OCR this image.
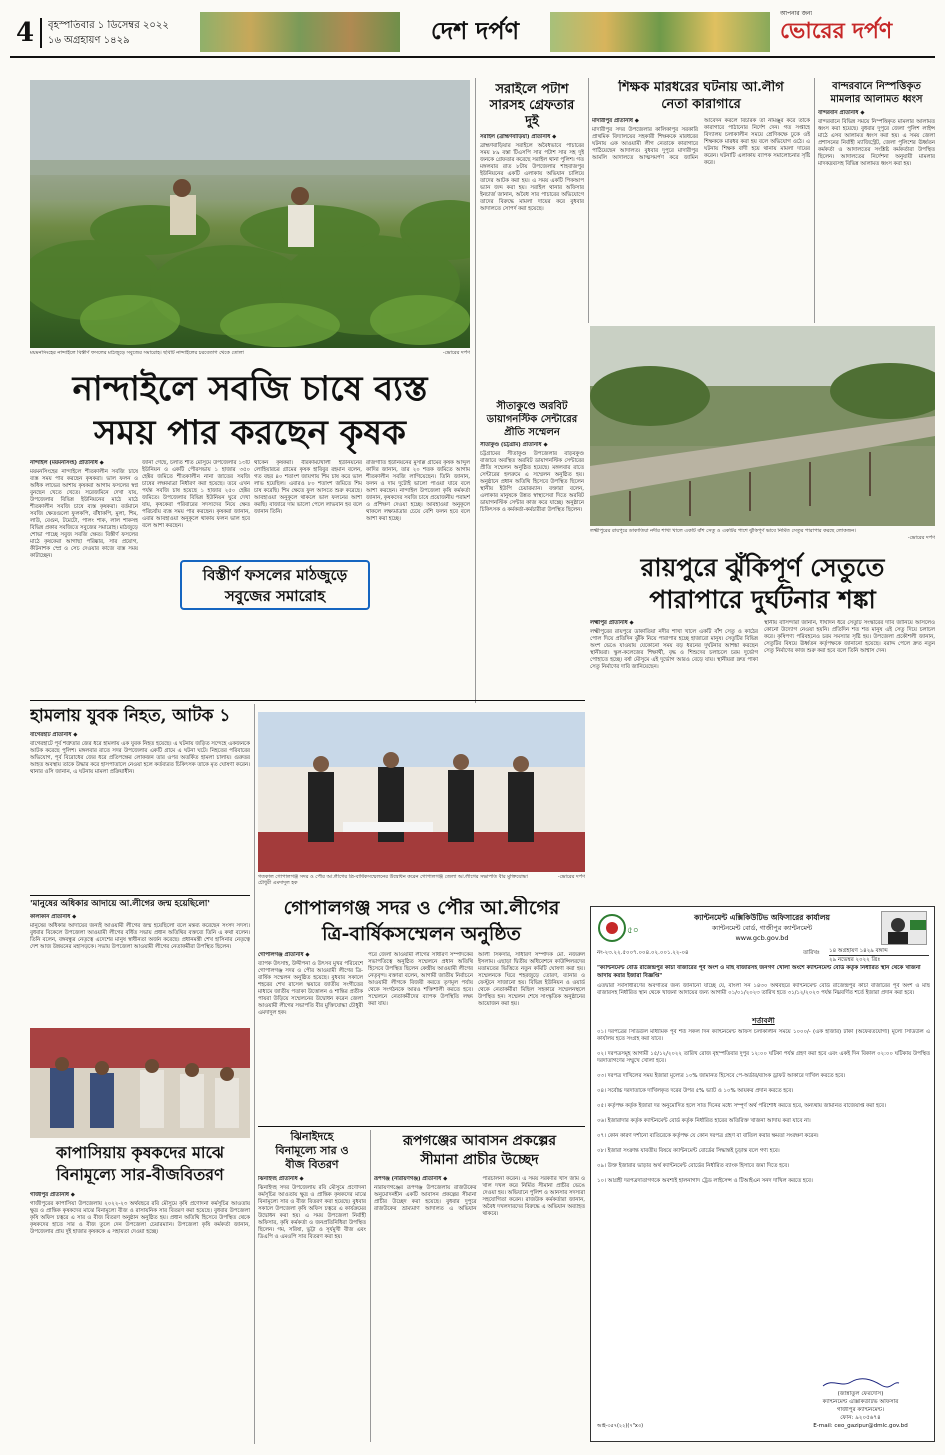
4 বৃহস্পতিবার ১ ডিসেম্বর ২০২২
১৬ অগ্রহায়ণ ১৪২৯	দেশ দর্পণ
আপনার জন্য
ভোরের দর্পণ
ময়মনসিংহের নান্দাইলে বিস্তীর্ণ ফসলের মাঠজুড়ে সবুজের সমারোহ। ছবিটি নান্দাইলের চরবেতাগ থেকে তোলা	-ভোরের দর্পণ
নান্দাইলে সবজি চাষে ব্যস্ত
সময় পার করছেন কৃষক

নান্দাইল (ময়মনসিংহ) প্রতিনিধি ◆

ময়মনসিংহের নান্দাইলে শীতকালীন সবজি চাষে ব্যস্ত সময় পার করছেন কৃষকরা। ভাল ফলন ও অধিক লাভের আশায় কৃষকরা আগাম ফসলের স্বপ্ন বুনছেন খেতে খেতে। সরেজমিনে দেখা যায়, উপজেলার বিভিন্ন ইউনিয়নের মাঠে মাঠে শীতকালীন সবজি চাষে ব্যস্ত কৃষকরা। বর্তমানে সবজি ক্ষেতগুলো ফুলকপি, বাঁধাকপি, মুলা, শিম, লাউ, বেগুন, টমেটো, পালং শাক, লাল শাকসহ বিভিন্ন প্রকার সবজিতে সবুজের সমারোহ। মাঠজুড়ে শোভা পাচ্ছে সবুজ সবজি ক্ষেত। বিস্তীর্ণ ফসলের মাঠে কৃষকেরা আগাছা পরিষ্কার, সার প্রয়োগ, কীটনাশক স্প্রে ও সেচ দেওয়ার কাজে ব্যস্ত সময় কাটাচ্ছেন।

জানা গেছে, চলতি শীত মৌসুমে উপজেলার ১৩টি ইউনিয়ন ও একটি পৌরসভায় ১ হাজার ৩৫০ হেক্টর জমিতে শীতকালীন নানা জাতের সবজি চাষের লক্ষ্যমাত্রা নির্ধারণ করা হয়েছে। তবে এখন পর্যন্ত সবজি চাষ হয়েছে ১ হাজার ২৫০ হেক্টর জমিতে। উপজেলার বিভিন্ন ইউনিয়ন ঘুরে দেখা যায়, কৃষকেরা পরিবারের সদস্যদের নিয়ে ক্ষেত পরিচর্যায় ব্যস্ত সময় পার করছেন। কৃষকরা জানান, এবার আবহাওয়া অনুকূলে থাকায় ফলন ভাল হবে বলে আশা করছেন।

থাকেন কৃষকরা। বীরকামটখালী ইউনিয়নের লোহিয়ারচর গ্রামের কৃষক হাবিবুর রহমান বলেন, গত বছর ৪০ শতাংশ জায়গায় শিম চাষ করে ভাল লাভ হয়েছিল। এবারও ৮০ শতাংশ জমিতে শিম চাষ করেছি। শিম ক্ষেতে ফুল আসতে শুরু করেছে। আবহাওয়া অনুকূলে থাকলে ভাল ফলনের আশা করছি। বাজারে দাম ভালো পেলে লাভবান হব বলে জানান তিনি।

রাজগাতি ইউনিয়নের মুসল্লি গ্রামের কৃষক আব্দুল কাদির জানান, তার ২০ শতক জমিতে আগাম শীতকালীন সবজি লাগিয়েছেন। তিনি জানান, ফলন ও দাম দুটোই ভালো পাওয়া যাবে বলে আশা করছেন। নান্দাইল উপজেলা কৃষি কর্মকর্তা জানান, কৃষকদের সবজি চাষে প্রয়োজনীয় পরামর্শ ও প্রশিক্ষণ দেওয়া হচ্ছে। আবহাওয়া অনুকূলে থাকলে লক্ষ্যমাত্রার চেয়ে বেশি ফলন হবে বলে আশা করা হচ্ছে।

বিস্তীর্ণ ফসলের মাঠজুড়ে
সবুজের সমারোহ
সরাইলে পটাশ
সারসহ গ্রেফতার
দুই

সরাইল (ব্রাহ্মণবাড়িয়া) প্রতিনিধি ◆

ব্রাহ্মণবাড়িয়ার সরাইলে অবৈধভাবে পাচারের সময় ৮৯ বস্তা টিএসপি সার পটাশ সার সহ দুই জনকে গ্রেফতার করেছে সরাইল থানা পুলিশ। গত মঙ্গলবার রাত ৮টায় উপজেলার শাহবাজপুর ইউনিয়নের একটি এলাকায় অভিযান চালিয়ে তাদের আটক করা হয়। এ সময় একটি পিকআপ ভ্যান জব্দ করা হয়। সরাইল থানার অফিসার ইনচার্জ জানান, অবৈধ সার পাচারের অভিযোগে তাদের বিরুদ্ধে মামলা দায়ের করে বুধবার আদালতে সোপর্দ করা হয়েছে।

সীতাকুণ্ডে অরবিট
ডায়াগনস্টিক সেন্টারের
প্রীতি সম্মেলন

সীতাকুণ্ড (চট্টগ্রাম) প্রতিনিধি ◆

চট্টগ্রামের সীতাকুণ্ড উপজেলার বাড়বকুণ্ড বাজারে অবস্থিত অরবিট ডায়াগনস্টিক সেন্টারের প্রীতি সম্মেলন অনুষ্ঠিত হয়েছে। মঙ্গলবার রাতে সেন্টারের হলরুমে এ সম্মেলন অনুষ্ঠিত হয়। অনুষ্ঠানে প্রধান অতিথি হিসেবে উপস্থিত ছিলেন স্থানীয় ইউপি চেয়ারম্যান। বক্তারা বলেন, এলাকার মানুষকে উন্নত স্বাস্থ্যসেবা দিতে অরবিট ডায়াগনস্টিক সেন্টার কাজ করে যাচ্ছে। অনুষ্ঠানে চিকিৎসক ও কর্মকর্তা-কর্মচারীরা উপস্থিত ছিলেন।

শিক্ষক মারধরের ঘটনায় আ.লীগ
নেতা কারাগারে

মাদারীপুর প্রতিনিধি ◆

মাদারীপুর সদর উপজেলার কালিকাপুর সরকারি প্রাথমিক বিদ্যালয়ের সহকারী শিক্ষককে মারধরের ঘটনায় এক আওয়ামী লীগ নেতাকে কারাগারে পাঠিয়েছেন আদালত। বুধবার দুপুরে মাদারীপুর আমলি আদালতে আত্মসমর্পণ করে জামিন আবেদন করলে বিচারক তা নামঞ্জুর করে তাকে কারাগারে পাঠানোর নির্দেশ দেন। গত সপ্তাহে বিদ্যালয় চলাকালীন সময়ে শ্রেণিকক্ষে ঢুকে ওই শিক্ষককে মারধর করা হয় বলে অভিযোগ ওঠে। এ ঘটনায় শিক্ষক বাদী হয়ে থানায় মামলা দায়ের করেন। ঘটনাটি এলাকায় ব্যাপক সমালোচনার সৃষ্টি করে।

বান্দরবানে নিস্পত্তিকৃত
মামলার আলামত ধ্বংস

বান্দরবান প্রতিনিধি ◆

বান্দরবানে বিভিন্ন সময়ে নিস্পত্তিকৃত মামলার আলামত ধ্বংস করা হয়েছে। বুধবার দুপুরে জেলা পুলিশ লাইন্স মাঠে এসব আলামত ধ্বংস করা হয়। এ সময় জেলা প্রশাসনের নির্বাহী ম্যাজিস্ট্রেট, জেলা পুলিশের ঊর্ধ্বতন কর্মকর্তা ও আদালতের সংশ্লিষ্ট কর্মকর্তারা উপস্থিত ছিলেন। আদালতের নির্দেশনা অনুযায়ী মামলার মাদকদ্রব্যসহ বিভিন্ন আলামত ধ্বংস করা হয়।

লক্ষ্মীপুরের রায়পুরে ডাকাতিয়া নদীর শাখা খালে একটি বাঁশ সেতু ও একটির পাশে ঝুঁকিপূর্ণ ভাবে নির্মিত সেতুর পারাপার করছে লোকজন।
-ভোরের দর্পণ
রায়পুরে ঝুঁকিপূর্ণ সেতুতে
পারাপারে দুর্ঘটনার শঙ্কা

লক্ষ্মীপুর প্রতিনিধি ◆

লক্ষ্মীপুরের রায়পুরে ডাকাতিয়া নদীর শাখা খালে একটি বাঁশ সেতু ও কাঠের পোল দিয়ে প্রতিদিন ঝুঁকি নিয়ে পারাপার হচ্ছে হাজারো মানুষ। সেতুটির বিভিন্ন অংশ ভেঙে যাওয়ায় যেকোনো সময় বড় ধরনের দুর্ঘটনার আশঙ্কা করছেন স্থানীয়রা। স্কুল-কলেজের শিক্ষার্থী, বৃদ্ধ ও শিশুদের চলাচলে চরম দুর্ভোগ পোহাতে হচ্ছে। বর্ষা মৌসুমে এই দুর্ভোগ আরও বেড়ে যায়। স্থানীয়রা দ্রুত পাকা সেতু নির্মাণের দাবি জানিয়েছেন।

স্থানীয় বাসিন্দারা জানান, দীর্ঘদিন ধরে সেতুটি সংস্কারের দাবি জানিয়ে আসলেও কোনো উদ্যোগ নেওয়া হয়নি। প্রতিদিন শত শত মানুষ এই সেতু দিয়ে চলাচল করে। কৃষিপণ্য পরিবহনেও চরম সমস্যার সৃষ্টি হয়। উপজেলা প্রকৌশলী জানান, সেতুটির বিষয়ে ঊর্ধ্বতন কর্তৃপক্ষকে জানানো হয়েছে। বরাদ্দ পেলে দ্রুত নতুন সেতু নির্মাণের কাজ শুরু করা হবে বলে তিনি আশ্বাস দেন।

হামলায় যুবক নিহত, আটক ১

বাগেরহাট প্রতিনিধি ◆

বাগেরহাটে পূর্ব শত্রুতার জের ধরে হামলায় এক যুবক নিহত হয়েছে। এ ঘটনায় জড়িত সন্দেহে একজনকে আটক করেছে পুলিশ। মঙ্গলবার রাতে সদর উপজেলার একটি গ্রামে এ ঘটনা ঘটে। নিহতের পরিবারের অভিযোগ, পূর্ব বিরোধের জের ধরে প্রতিপক্ষের লোকজন তার ওপর অতর্কিত হামলা চালায়। গুরুতর আহত অবস্থায় তাকে উদ্ধার করে হাসপাতালে নেওয়া হলে কর্তব্যরত চিকিৎসক তাকে মৃত ঘোষণা করেন। থানার ওসি জানান, এ ঘটনায় মামলা প্রক্রিয়াধীন।

'মানুষের অধিকার আদায়ে আ.লীগের জন্ম হয়েছিলো'

কালকিনি প্রতিনিধি ◆

মানুষের অধিকার আদায়ের জন্যই আওয়ামী লীগের জন্ম হয়েছিলো বলে মন্তব্য করেছেন সংসদ সদস্য। বুধবার বিকেলে উপজেলা আওয়ামী লীগের বর্ধিত সভায় প্রধান অতিথির বক্তব্যে তিনি এ কথা বলেন। তিনি বলেন, বঙ্গবন্ধুর নেতৃত্বে এদেশের মানুষ স্বাধীনতা অর্জন করেছে। প্রধানমন্ত্রী শেখ হাসিনার নেতৃত্বে দেশ আজ উন্নয়নের মহাসড়কে। সভায় উপজেলা আওয়ামী লীগের নেতাকর্মীরা উপস্থিত ছিলেন।

কাপাসিয়ায় কৃষকদের মাঝে
বিনামূল্যে সার-বীজবিতরণ

গাজীপুর প্রতিনিধি ◆

গাজীপুরের কাপাসিয়া উপজেলায় ২০২২-২৩ অর্থবছরে রবি মৌসুমে কৃষি প্রণোদনা কর্মসূচির আওতায় ক্ষুদ্র ও প্রান্তিক কৃষকদের মাঝে বিনামূল্যে বীজ ও রাসায়নিক সার বিতরণ করা হয়েছে। বুধবার উপজেলা কৃষি অফিস চত্বরে এ সার ও বীজ বিতরণ অনুষ্ঠান অনুষ্ঠিত হয়। প্রধান অতিথি হিসেবে উপস্থিত থেকে কৃষকদের হাতে সার ও বীজ তুলে দেন উপজেলা চেয়ারম্যান। উপজেলা কৃষি কর্মকর্তা জানান, উপজেলার প্রায় দুই হাজার কৃষককে এ সহায়তা দেওয়া হচ্ছে।

গতকাল গোপালগঞ্জ সদর ও পৌর আ.লীগের ত্রি-বার্ষিকসম্মেলনের উদ্বোধন করেন গোপালগঞ্জ জেলা আ.লীগের সভাপতি বীর মুক্তিযোদ্ধা চৌধুরী এমদাদুল হক
-ভোরের দর্পণ
গোপালগঞ্জ সদর ও পৌর আ.লীগের
ত্রি-বার্ষিকসম্মেলন অনুষ্ঠিত

গোপালগঞ্জ প্রতিনিধি ◆

ব্যাপক উৎসাহ, উদ্দীপনা ও উৎসব মুখর পরিবেশে গোপালগঞ্জ সদর ও পৌর আওয়ামী লীগের ত্রি-বার্ষিক সম্মেলন অনুষ্ঠিত হয়েছে। বুধবার সকালে শহরের শেখ রাসেল স্কয়ারে জাতীয় সংগীতের মাধ্যমে জাতীয় পতাকা উত্তোলন ও শান্তির প্রতীক পায়রা উড়িয়ে সম্মেলনের উদ্বোধন করেন জেলা আওয়ামী লীগের সভাপতি বীর মুক্তিযোদ্ধা চৌধুরী এমদাদুল হক।

পরে জেলা আওয়ামী লীগের সাধারণ সম্পাদকের সভাপতিত্বে অনুষ্ঠিত সম্মেলনে প্রধান অতিথি হিসেবে উপস্থিত ছিলেন কেন্দ্রীয় আওয়ামী লীগের নেতৃবৃন্দ। বক্তারা বলেন, আগামী জাতীয় নির্বাচনে আওয়ামী লীগকে বিজয়ী করতে তৃণমূল পর্যায় থেকে সংগঠনকে আরও শক্তিশালী করতে হবে। সম্মেলনে নেতাকর্মীদের ব্যাপক উপস্থিতি লক্ষ্য করা যায়।

আলী সিকদার, সাধারণ সম্পাদক মো. নজরুল ইসলাম। এছাড়া দ্বিতীয় অধিবেশনে কাউন্সিলরদের মতামতের ভিত্তিতে নতুন কমিটি ঘোষণা করা হয়। সম্মেলনকে ঘিরে শহরজুড়ে তোরণ, ব্যানার ও ফেস্টুনে সাজানো হয়। বিভিন্ন ইউনিয়ন ও ওয়ার্ড থেকে নেতাকর্মীরা মিছিল সহকারে সম্মেলনস্থলে উপস্থিত হন। সম্মেলন শেষে সাংস্কৃতিক অনুষ্ঠানের আয়োজন করা হয়।

ঝিনাইদহে
বিনামূল্যে সার ও
বীজ বিতরণ

ঝিনাইদহ প্রতিনিধি ◆

ঝিনাইদহ সদর উপজেলায় রবি মৌসুমে প্রণোদনা কর্মসূচির আওতায় ক্ষুদ্র ও প্রান্তিক কৃষকদের মাঝে বিনামূল্যে সার ও বীজ বিতরণ করা হয়েছে। বুধবার সকালে উপজেলা কৃষি অফিস চত্বরে এ কার্যক্রমের উদ্বোধন করা হয়। এ সময় উপজেলা নির্বাহী অফিসার, কৃষি কর্মকর্তা ও জনপ্রতিনিধিরা উপস্থিত ছিলেন। গম, সরিষা, ভুট্টা ও সূর্যমুখী বীজ এবং ডিএপি ও এমওপি সার বিতরণ করা হয়।

রূপগঞ্জের আবাসন প্রকল্পের
সীমানা প্রাচীর উচ্ছেদ

রূপগঞ্জ (নারায়ণগঞ্জ) প্রতিনিধি ◆

নারায়ণগঞ্জের রূপগঞ্জ উপজেলায় রাজউকের অনুমোদনহীন একটি আবাসন প্রকল্পের সীমানা প্রাচীর উচ্ছেদ করা হয়েছে। বুধবার দুপুরে রাজউকের ভ্রাম্যমাণ আদালত এ অভিযান পরিচালনা করেন। এ সময় সরকারি খাস জমি ও খাল দখল করে নির্মিত সীমানা প্রাচীর ভেঙে দেওয়া হয়। অভিযানে পুলিশ ও আনসার সদস্যরা সহযোগিতা করেন। রাজউক কর্মকর্তারা জানান, অবৈধ দখলদারদের বিরুদ্ধে এ অভিযান অব্যাহত থাকবে।

৫০
ক্যান্টনমেন্ট এক্সিকিউটিভ অফিসারের কার্যালয়
ক্যান্টনমেন্ট বোর্ড, গাজীপুর ক্যান্টনমেন্ট
www.gcb.gov.bd
নং-২৩.২২.৫০০৭.০০৪.০২.০০১.২২-০৪	তারিখঃ	১৪ অগ্রহায়ণ ১৪২৯ বঙ্গাব্দ
২৯ নভেম্বর ২০২২ খ্রিঃ
"ক্যান্টনমেন্ট বোর্ড রাজেন্দ্রপুর কাঁচা বাজারের পূর্ব অংশ ও মাছ বাজারসহ জনগণ খোলা অংশে ক্যান্টনমেন্ট বোর্ড কর্তৃক নির্ধারিত স্থান থেকে খাজনা আদায় করার ইজারা বিজ্ঞপ্তি"
এতদ্বারা সর্বসাধারণের অবগতির জন্য জানানো যাচ্ছে যে, বাংলা সন ১৪৩০ অর্থবছরে ক্যান্টনমেন্ট বোর্ড রাজেন্দ্রপুর কাঁচা বাজারের পূর্ব অংশ ও মাছ বাজারসহ নির্ধারিত স্থান থেকে খাজনা আদায়ের জন্য আগামী ০১/০১/২০২৩ তারিখ হতে ৩১/১২/২০২৩ পর্যন্ত নিম্নবর্ণিত শর্তে ইজারা প্রদান করা হবে।
শর্তাবলী
০১। দরপত্রের সিডিউল মাধ্যমিক পূর্ব শর্ত সকল দিন ক্যান্টনমেন্ট অফিস চলাকালীন সময়ে ১০০০/- (এক হাজার) টাকা (অফেরতযোগ্য) মূল্যে সিডিউল এ কার্যালয় হতে সংগ্রহ করা যাবে।
০২। দরপত্রসমূহ আগামী ১৫/১২/২০২২ তারিখ রোজ বৃহস্পতিবার দুপুর ১২:০০ ঘটিকা পর্যন্ত গ্রহণ করা হবে এবং একই দিন বিকাল ০২:০০ ঘটিকায় উপস্থিত দরদাতাগণের সম্মুখে খোলা হবে।
০৩। দরপত্র দাখিলের সময় ইজারা মূল্যের ১০% জামানত হিসেবে পে-অর্ডার/ব্যাংক ড্রাফট আকারে দাখিল করতে হবে।
০৪। সর্বোচ্চ দরদাতাকে দাখিলকৃত দরের উপর ৫% ভ্যাট ও ১০% আয়কর প্রদান করতে হবে।
০৫। কর্তৃপক্ষ কর্তৃক ইজারা দর অনুমোদিত হলে সাত দিনের মধ্যে সম্পূর্ণ অর্থ পরিশোধ করতে হবে, অন্যথায় জামানত বাজেয়াপ্ত করা হবে।
০৬। ইজারাদার কর্তৃক ক্যান্টনমেন্ট বোর্ড কর্তৃক নির্ধারিত হারের অতিরিক্ত খাজনা আদায় করা যাবে না।
০৭। কোন কারণ দর্শানো ব্যতিরেকে কর্তৃপক্ষ যে কোন দরপত্র গ্রহণ বা বাতিল করার ক্ষমতা সংরক্ষণ করেন।
০৮। ইজারা সংক্রান্ত যাবতীয় বিষয়ে ক্যান্টনমেন্ট বোর্ডের সিদ্ধান্তই চূড়ান্ত বলে গণ্য হবে।
০৯। উক্ত ইজারার ভাড়ার অর্থ ক্যান্টনমেন্ট বোর্ডের নির্ধারিত ব্যাংক হিসাবে জমা দিতে হবে।
১০। আগ্রহী দরপত্রদাতাগণকে অবশ্যই হালনাগাদ ট্রেড লাইসেন্স ও টিআইএন সনদ দাখিল করতে হবে।
(জান্নাতুল ফেরদৌস)
ক্যান্টনমেন্ট এক্সিকিউটিভ অফিসার
গাজীপুর ক্যান্টনমেন্ট।
ফোন: ৯২০৫৬৭৪
আই-৩৫৭(২২)(৭"x৩)	E-mail: ceo_gazipur@dmlc.gov.bd
